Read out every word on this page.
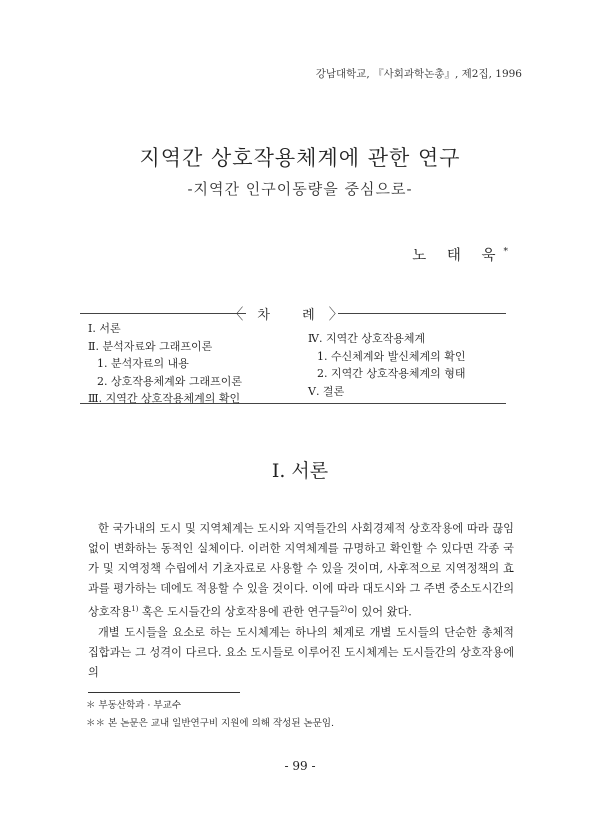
강남대학교, 『사회과학논총』, 제2집, 1996
지역간 상호작용체계에 관한 연구
-지역간 인구이동량을 중심으로-
노 태 욱*
〈차 례〉
Ⅰ. 서론
Ⅱ. 분석자료와 그래프이론
1. 분석자료의 내용
2. 상호작용체계와 그래프이론
Ⅲ. 지역간 상호작용체계의 확인
Ⅳ. 지역간 상호작용체계
1. 수신체계와 발신체계의 확인
2. 지역간 상호작용체계의 형태
Ⅴ. 결론
I. 서론

한 국가내의 도시 및 지역체계는 도시와 지역들간의 사회경제적 상호작용에 따라 끊임없이 변화하는 동적인 실체이다. 이러한 지역체계를 규명하고 확인할 수 있다면 각종 국가 및 지역정책 수립에서 기초자료로 사용할 수 있을 것이며, 사후적으로 지역정책의 효과를 평가하는 데에도 적용할 수 있을 것이다. 이에 따라 대도시와 그 주변 중소도시간의 상호작용$^{1)}$ 혹은 도시들간의 상호작용에 관한 연구들$^{2)}$이 있어 왔다.

개별 도시들을 요소로 하는 도시체계는 하나의 체계로 개별 도시들의 단순한 총체적 집합과는 그 성격이 다르다. 요소 도시들로 이루어진 도시체계는 도시들간의 상호작용에 의

＊ 부동산학과 · 부교수
＊＊ 본 논문은 교내 일반연구비 지원에 의해 작성된 논문임.
- 99 -
